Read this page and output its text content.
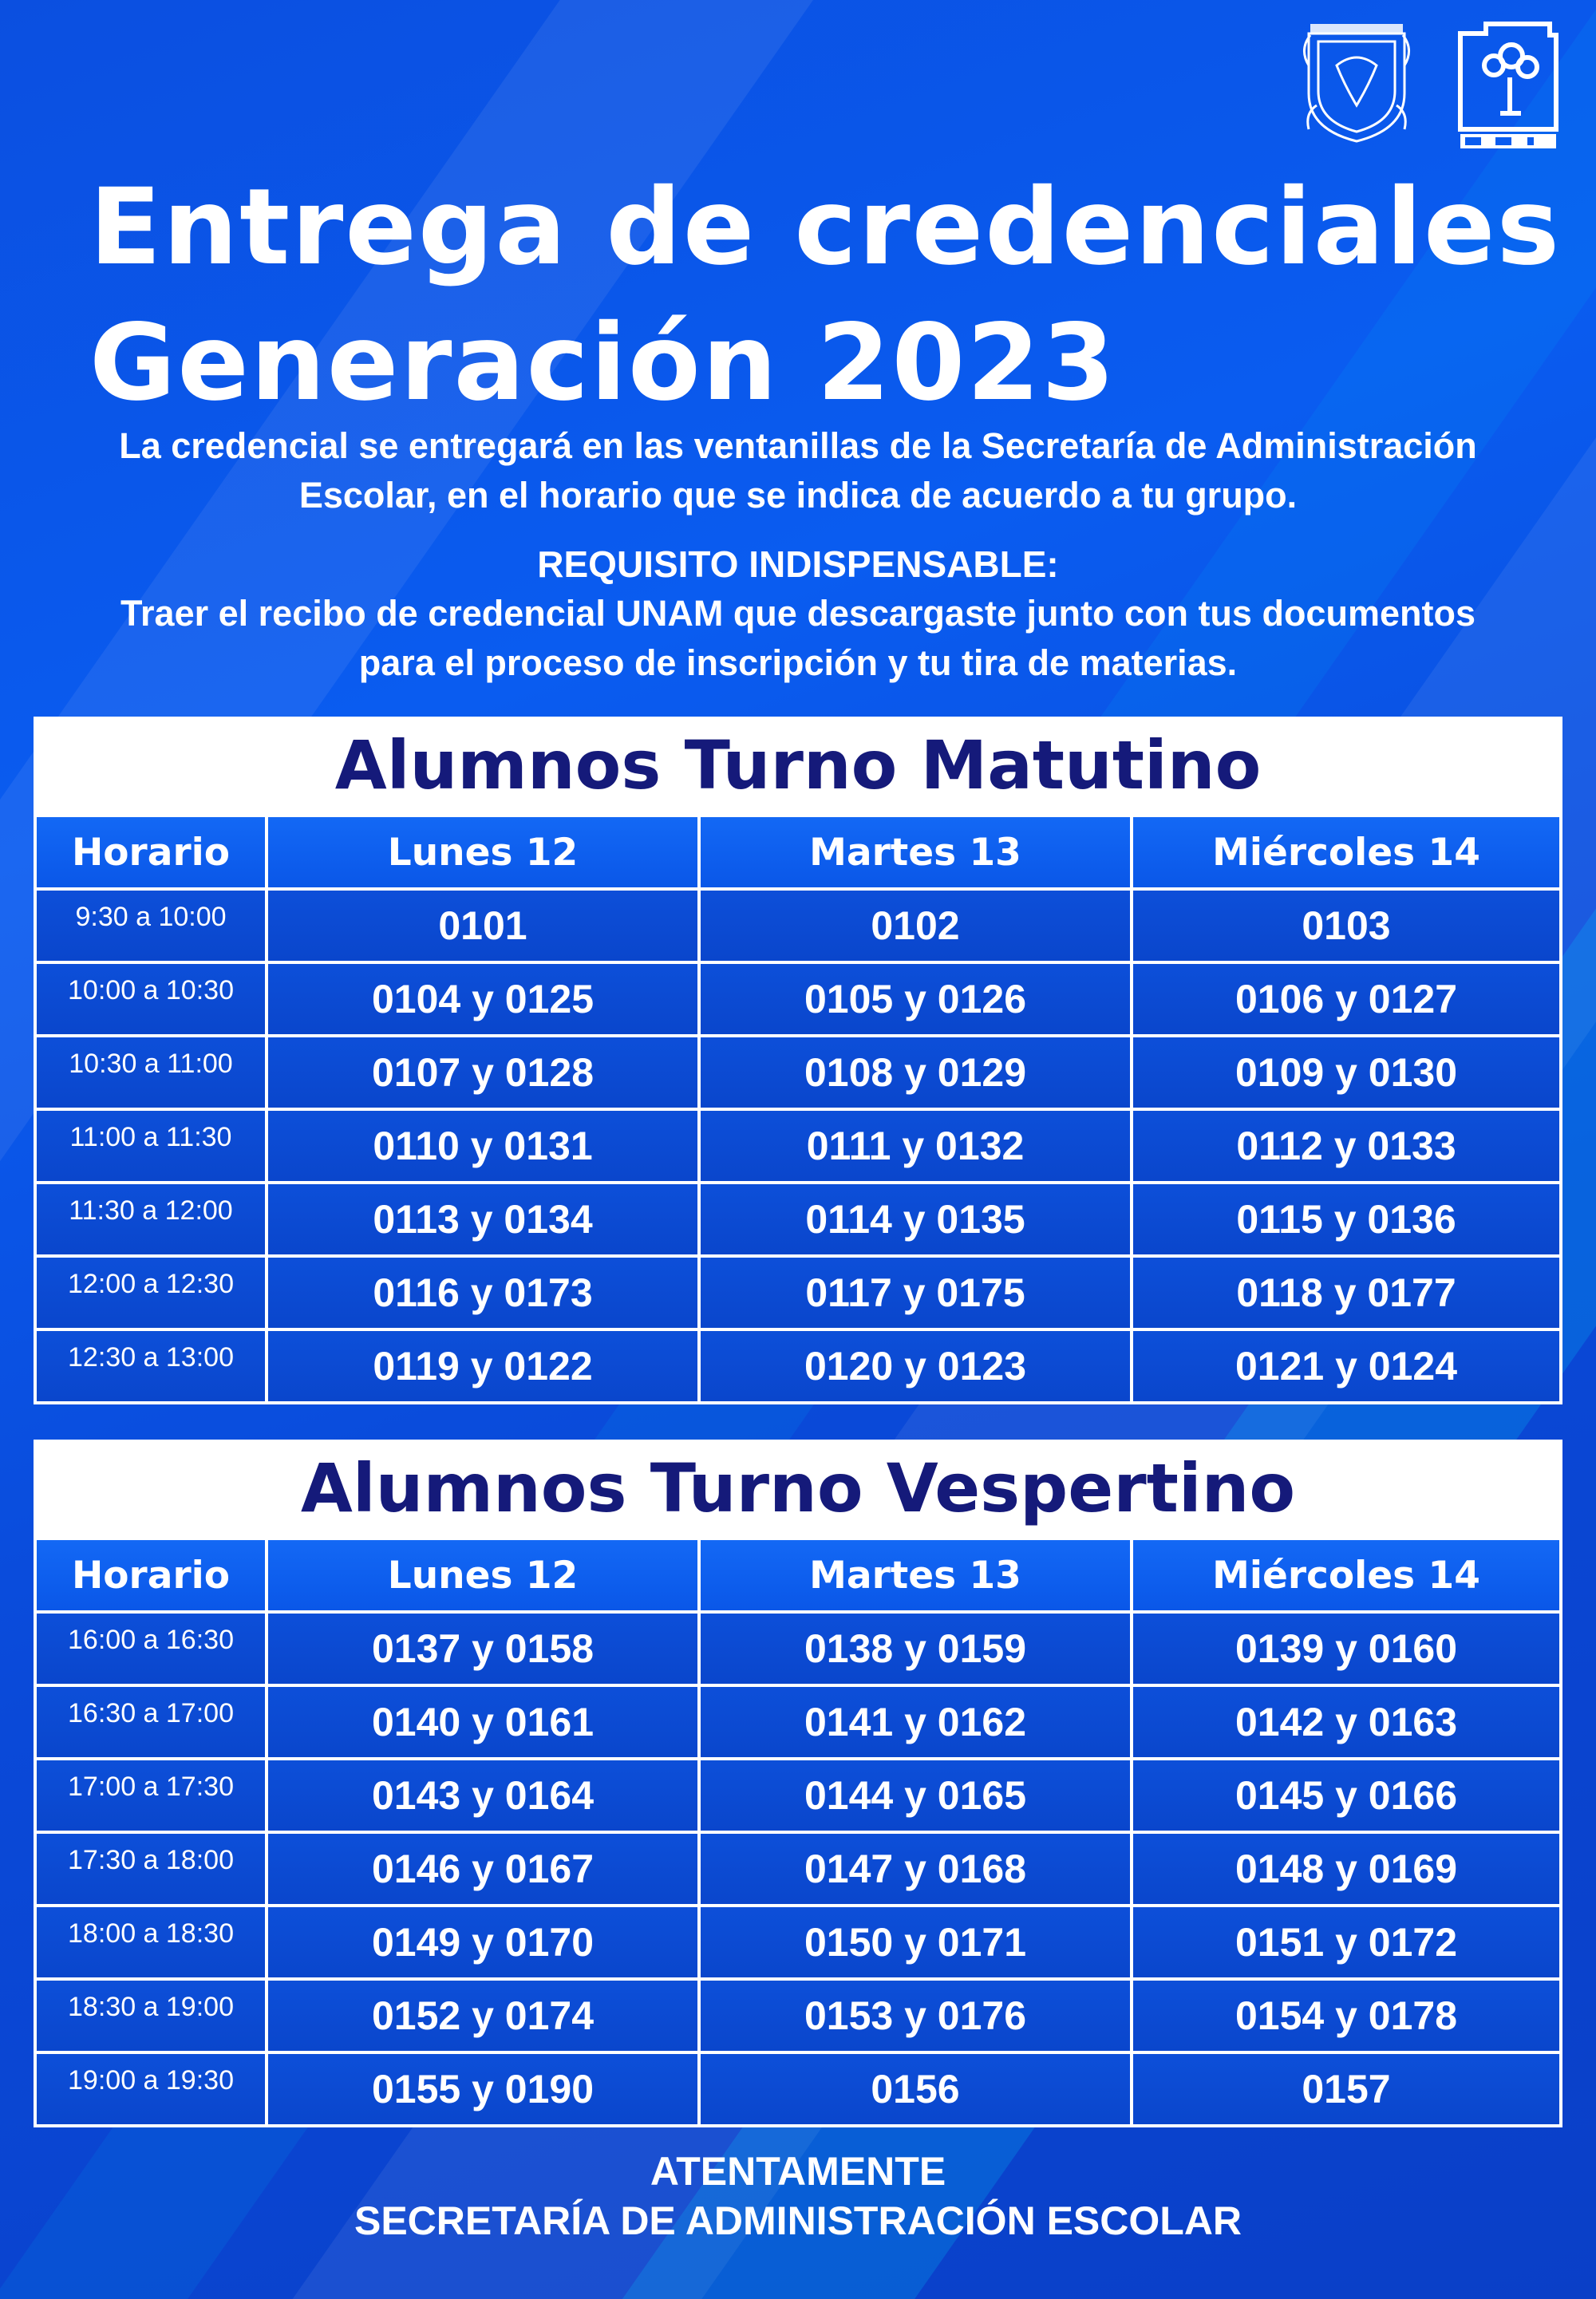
Entrega de credenciales
Generación 2023
La credencial se entregará en las ventanillas de la Secretaría de Administración
Escolar, en el horario que se indica de acuerdo a tu grupo.
REQUISITO INDISPENSABLE:
Traer el recibo de credencial UNAM que descargaste junto con tus documentos
para el proceso de inscripción y tu tira de materias.
Alumnos Turno Matutino
Horario	Lunes 12	Martes 13	Miércoles 14
9:30 a 10:00	0101	0102	0103
10:00 a 10:30	0104 y 0125	0105 y 0126	0106 y 0127
10:30 a 11:00	0107 y 0128	0108 y 0129	0109 y 0130
11:00 a 11:30	0110 y 0131	0111 y 0132	0112 y 0133
11:30 a 12:00	0113 y 0134	0114 y 0135	0115 y 0136
12:00 a 12:30	0116 y 0173	0117 y 0175	0118 y 0177
12:30 a 13:00	0119 y 0122	0120 y 0123	0121 y 0124
Alumnos Turno Vespertino
Horario	Lunes 12	Martes 13	Miércoles 14
16:00 a 16:30	0137 y 0158	0138 y 0159	0139 y 0160
16:30 a 17:00	0140 y 0161	0141 y 0162	0142 y 0163
17:00 a 17:30	0143 y 0164	0144 y 0165	0145 y 0166
17:30 a 18:00	0146 y 0167	0147 y 0168	0148 y 0169
18:00 a 18:30	0149 y 0170	0150 y 0171	0151 y 0172
18:30 a 19:00	0152 y 0174	0153 y 0176	0154 y 0178
19:00 a 19:30	0155 y 0190	0156	0157
ATENTAMENTE
SECRETARÍA DE ADMINISTRACIÓN ESCOLAR
